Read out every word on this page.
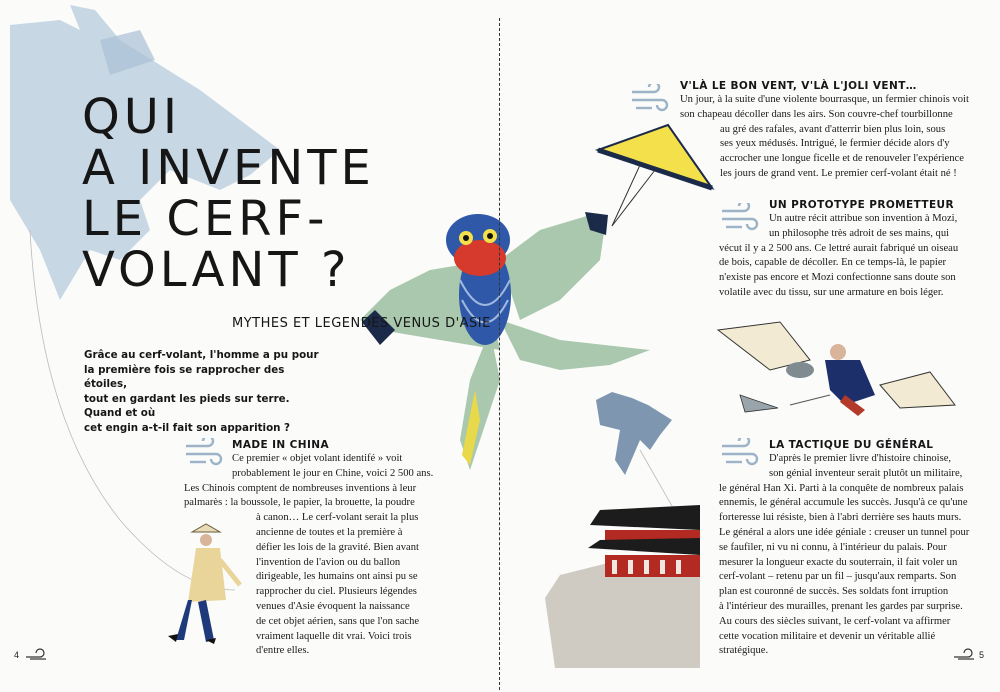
QUI
A INVENTE
LE CERF-
VOLANT ?
MYTHES ET LEGENDES VENUS D'ASIE
Grâce au cerf-volant, l'homme a pu pour
la première fois se rapprocher des étoiles,
tout en gardant les pieds sur terre. Quand et où
cet engin a-t-il fait son apparition ?
MADE IN CHINA
Ce premier « objet volant identifé » voit
probablement le jour en Chine, voici 2 500 ans.
Les Chinois comptent de nombreuses inventions à leur
palmarès : la boussole, le papier, la brouette, la poudre
à canon… Le cerf-volant serait la plus
ancienne de toutes et la première à
défier les lois de la gravité. Bien avant
l'invention de l'avion ou du ballon
dirigeable, les humains ont ainsi pu se
rapprocher du ciel. Plusieurs légendes
venues d'Asie évoquent la naissance
de cet objet aérien, sans que l'on sache
vraiment laquelle dit vrai. Voici trois
d'entre elles.
V'LÀ LE BON VENT, V'LÀ L'JOLI VENT…
Un jour, à la suite d'une violente bourrasque, un fermier chinois voit
son chapeau décoller dans les airs. Son couvre-chef tourbillonne
au gré des rafales, avant d'atterrir bien plus loin, sous
ses yeux médusés. Intrigué, le fermier décide alors d'y
accrocher une longue ficelle et de renouveler l'expérience
les jours de grand vent. Le premier cerf-volant était né !
UN PROTOTYPE PROMETTEUR
Un autre récit attribue son invention à Mozi,
un philosophe très adroit de ses mains, qui
vécut il y a 2 500 ans. Ce lettré aurait fabriqué un oiseau
de bois, capable de décoller. En ce temps-là, le papier
n'existe pas encore et Mozi confectionne sans doute son
volatile avec du tissu, sur une armature en bois léger.
LA TACTIQUE DU GÉNÉRAL
D'après le premier livre d'histoire chinoise,
son génial inventeur serait plutôt un militaire,
le général Han Xi. Parti à la conquête de nombreux palais
ennemis, le général accumule les succès. Jusqu'à ce qu'une
forteresse lui résiste, bien à l'abri derrière ses hauts murs.
Le général a alors une idée géniale : creuser un tunnel pour
se faufiler, ni vu ni connu, à l'intérieur du palais. Pour
mesurer la longueur exacte du souterrain, il fait voler un
cerf-volant – retenu par un fil – jusqu'aux remparts. Son
plan est couronné de succès. Ses soldats font irruption
à l'intérieur des murailles, prenant les gardes par surprise.
Au cours des siècles suivant, le cerf-volant va affirmer
cette vocation militaire et devenir un véritable allié
stratégique.
4	5
